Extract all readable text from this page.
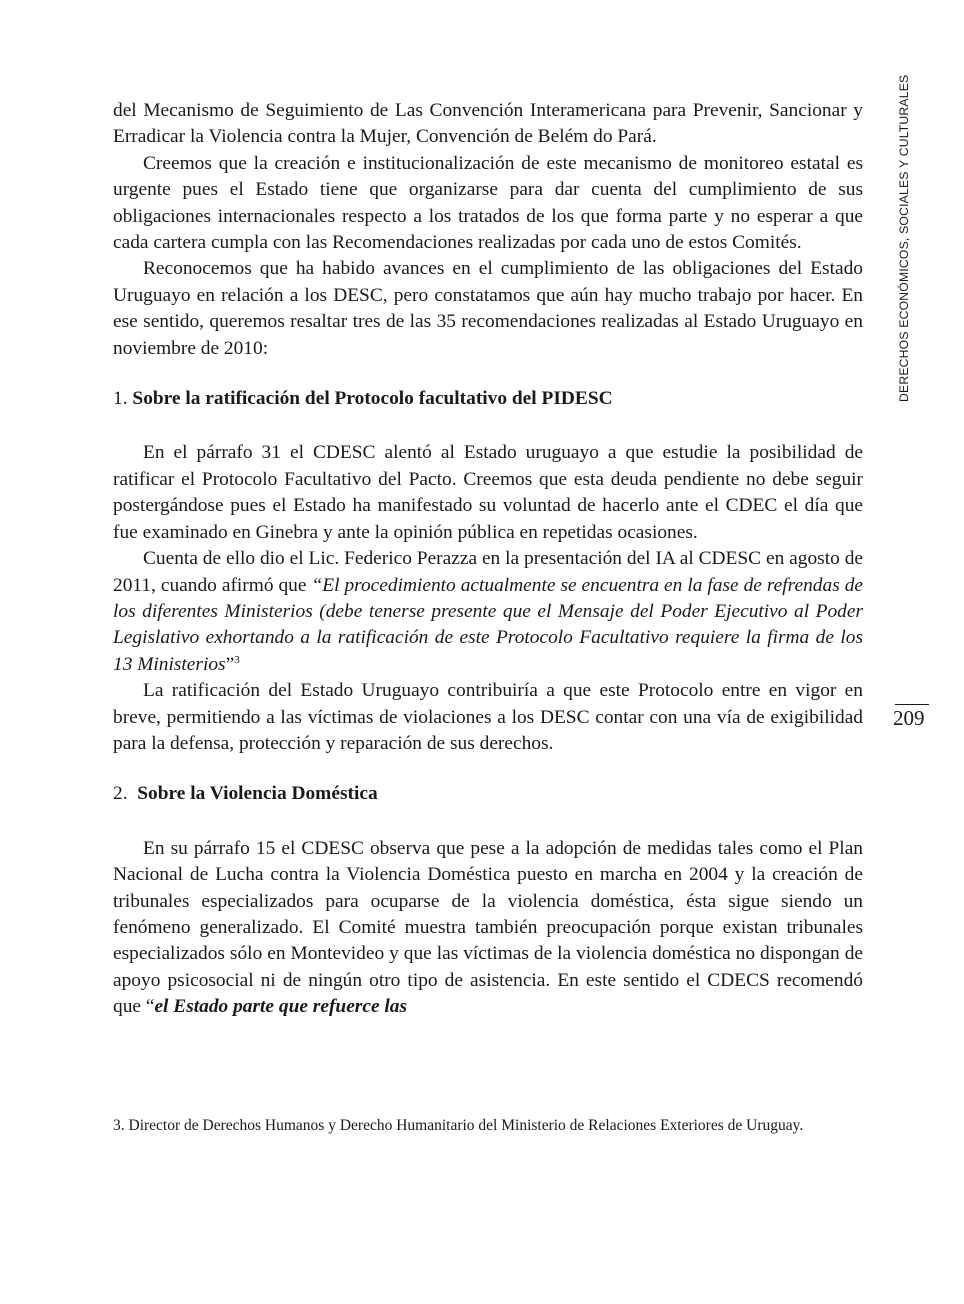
DERECHOS ECONÓMICOS, SOCIALES Y CULTURALES
209

del Mecanismo de Seguimiento de Las Convención Interamericana para Prevenir, Sancionar y Erradicar la Violencia contra la Mujer, Convención de Belém do Pará.

Creemos que la creación e institucionalización de este mecanismo de monitoreo estatal es urgente pues el Estado tiene que organizarse para dar cuenta del cumplimiento de sus obligaciones internacionales respecto a los tratados de los que forma parte y no esperar a que cada cartera cumpla con las Recomendaciones realizadas por cada uno de estos Comités.

Reconocemos que ha habido avances en el cumplimiento de las obligaciones del Estado Uruguayo en relación a los DESC, pero constatamos que aún hay mucho trabajo por hacer. En ese sentido, queremos resaltar tres de las 35 recomendaciones realizadas al Estado Uruguayo en noviembre de 2010:

1. Sobre la ratificación del Protocolo facultativo del PIDESC

En el párrafo 31 el CDESC alentó al Estado uruguayo a que estudie la posibilidad de ratificar el Protocolo Facultativo del Pacto. Creemos que esta deuda pendiente no debe seguir postergándose pues el Estado ha manifestado su voluntad de hacerlo ante el CDEC el día que fue examinado en Ginebra y ante la opinión pública en repetidas ocasiones.

Cuenta de ello dio el Lic. Federico Perazza en la presentación del IA al CDESC en agosto de 2011, cuando afirmó que “El procedimiento actualmente se encuentra en la fase de refrendas de los diferentes Ministerios (debe tenerse presente que el Mensaje del Poder Ejecutivo al Poder Legislativo exhortando a la ratificación de este Protocolo Facultativo requiere la firma de los 13 Ministerios”$^3$

La ratificación del Estado Uruguayo contribuiría a que este Protocolo entre en vigor en breve, permitiendo a las víctimas de violaciones a los DESC contar con una vía de exigibilidad para la defensa, protección y reparación de sus derechos.

2. Sobre la Violencia Doméstica

En su párrafo 15 el CDESC observa que pese a la adopción de medidas tales como el Plan Nacional de Lucha contra la Violencia Doméstica puesto en marcha en 2004 y la creación de tribunales especializados para ocuparse de la violencia doméstica, ésta sigue siendo un fenómeno generalizado. El Comité muestra también preocupación porque existan tribunales especializados sólo en Montevideo y que las víctimas de la violencia doméstica no dispongan de apoyo psicosocial ni de ningún otro tipo de asistencia. En este sentido el CDECS recomendó que “el Estado parte que refuerce las

3. Director de Derechos Humanos y Derecho Humanitario del Ministerio de Relaciones Exteriores de Uruguay.
